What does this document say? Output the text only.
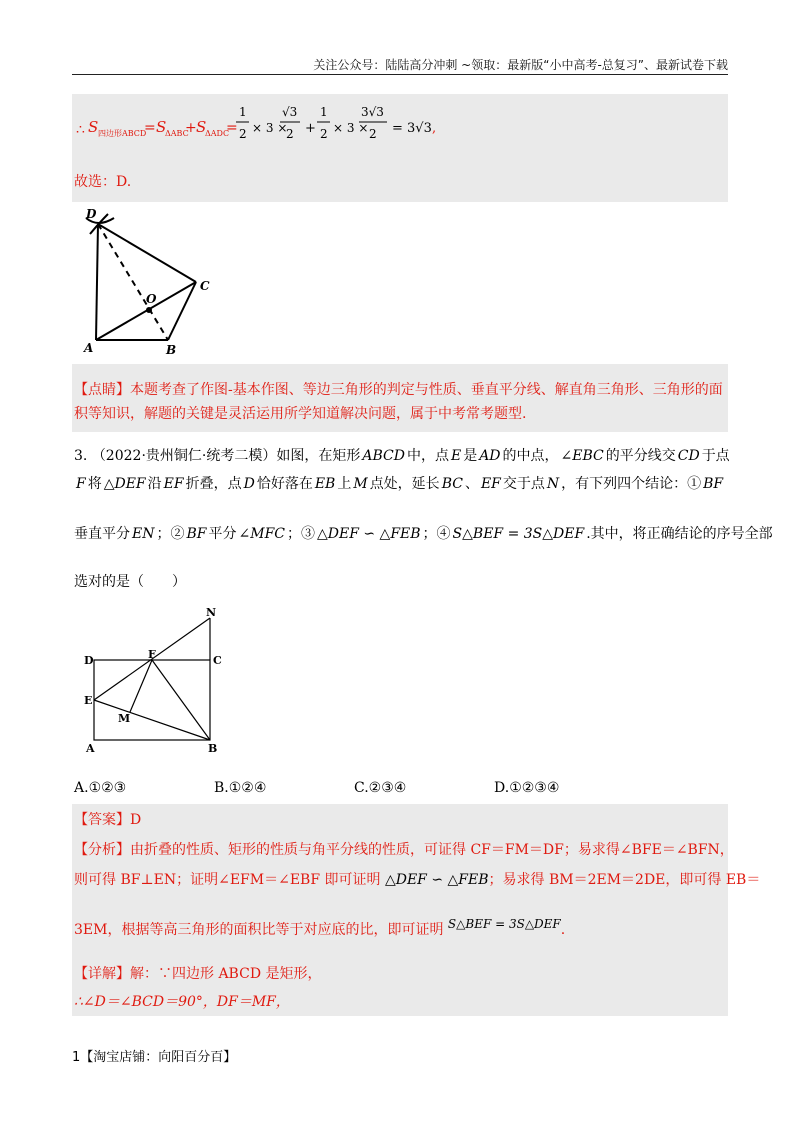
关注公众号：陆陆高分冲刺 ~领取：最新版“小中高考-总复习”、最新试卷下载
∴ S 四边形ABCD
= S
ΔABC
+ S
ΔADC
=
1
2 × 3 ×
√3
2 +
1
2 × 3 ×
3√3
2 = 3√3 ,
故选：D.
D
C
O
A	B
【点睛】本题考查了作图-基本作图、等边三角形的判定与性质、垂直平分线、解直角三角形、三角形的面积等知识，解题的关键是灵活运用所学知道解决问题，属于中考常考题型.
3. （2022·贵州铜仁·统考二模）如图，在矩形 ABCD 中，点 E 是 AD 的中点， ∠EBC 的平分线交 CD 于点
F 将 △DEF 沿 EF 折叠，点 D 恰好落在 EB 上 M 点处，延长 BC 、 EF 交于点 N ，有下列四个结论：① BF
垂直平分 EN ；② BF 平分 ∠MFC ；③ △DEF ∽ △FEB ；④ S△BEF = 3S△DEF .其中，将正确结论的序号全部
选对的是（　　）
N
D	F	C
E
M
A	B
A.①②③	B.①②④	C.②③④	D.①②③④
【答案】D
【分析】由折叠的性质、矩形的性质与角平分线的性质，可证得 CF＝FM＝DF；易求得∠BFE＝∠BFN，
则可得 BF⊥EN；证明∠EFM＝∠EBF 即可证明 △DEF ∽ △FEB；易求得 BM＝2EM＝2DE，即可得 EB＝
3EM，根据等高三角形的面积比等于对应底的比，即可证明 S△BEF = 3S△DEF.
【详解】解：∵四边形 ABCD 是矩形，
∴∠D＝∠BCD＝90°，DF＝MF，
1【淘宝店铺：向阳百分百】
